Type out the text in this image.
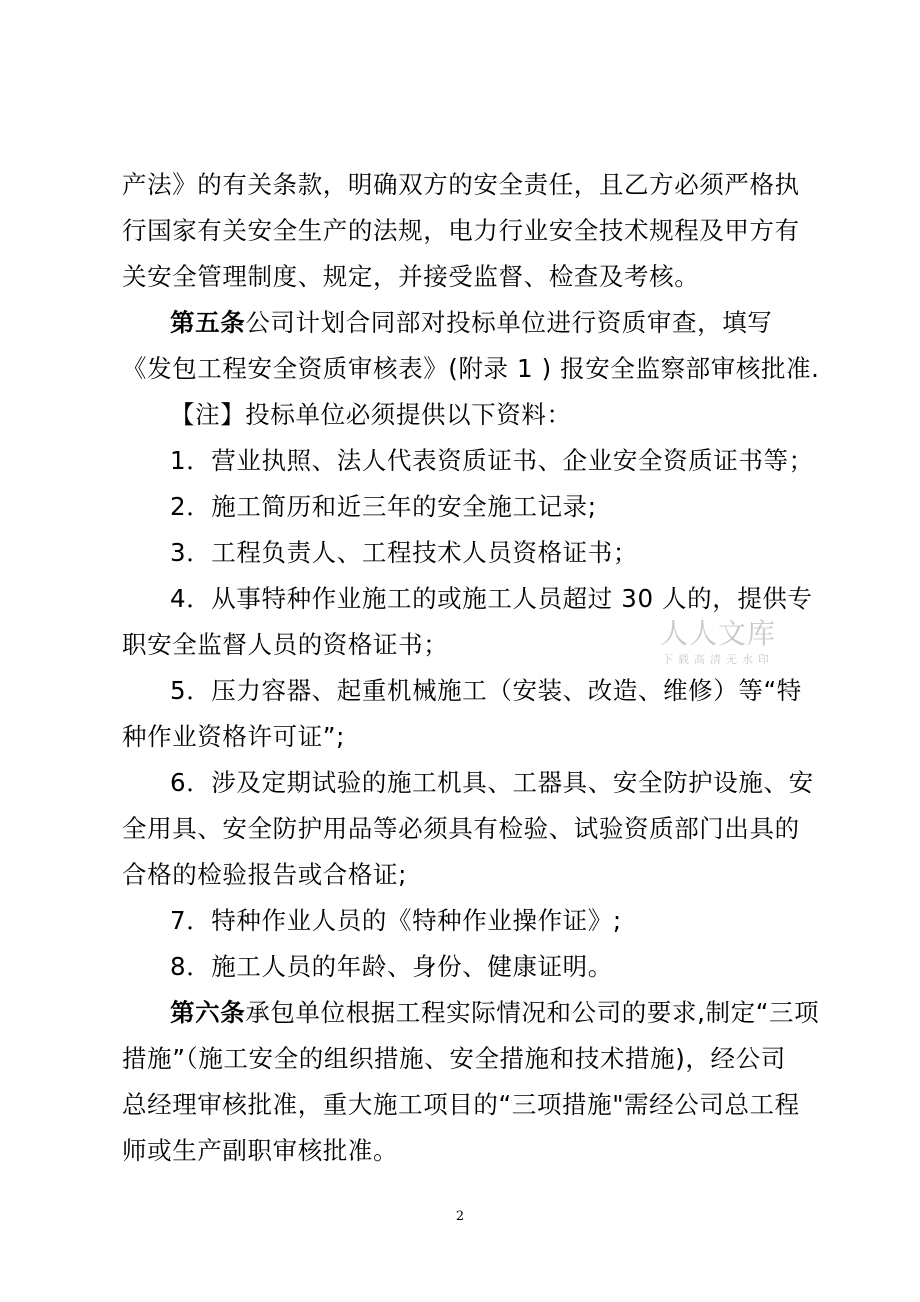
产法》的有关条款，明确双方的安全责任，且乙方必须严格执
行国家有关安全生产的法规，电力行业安全技术规程及甲方有
关安全管理制度、规定，并接受监督、检查及考核。
第五条公司计划合同部对投标单位进行资质审查，填写
《发包工程安全资质审核表》(附录 1 ) 报安全监察部审核批准.
【注】投标单位必须提供以下资料：
1．营业执照、法人代表资质证书、企业安全资质证书等；
2．施工简历和近三年的安全施工记录;
3．工程负责人、工程技术人员资格证书；
4．从事特种作业施工的或施工人员超过 30 人的，提供专
职安全监督人员的资格证书；
5．压力容器、起重机械施工（安装、改造、维修）等“特
种作业资格许可证”;
6．涉及定期试验的施工机具、工器具、安全防护设施、安
全用具、安全防护用品等必须具有检验、试验资质部门出具的
合格的检验报告或合格证;
7．特种作业人员的《特种作业操作证》;
8．施工人员的年龄、身份、健康证明。
第六条承包单位根据工程实际情况和公司的要求,制定“三项
措施”（施工安全的组织措施、安全措施和技术措施)，经公司
总经理审核批准，重大施工项目的“三项措施"需经公司总工程
师或生产副职审核批准。
人人文库
下载高清无水印
2
